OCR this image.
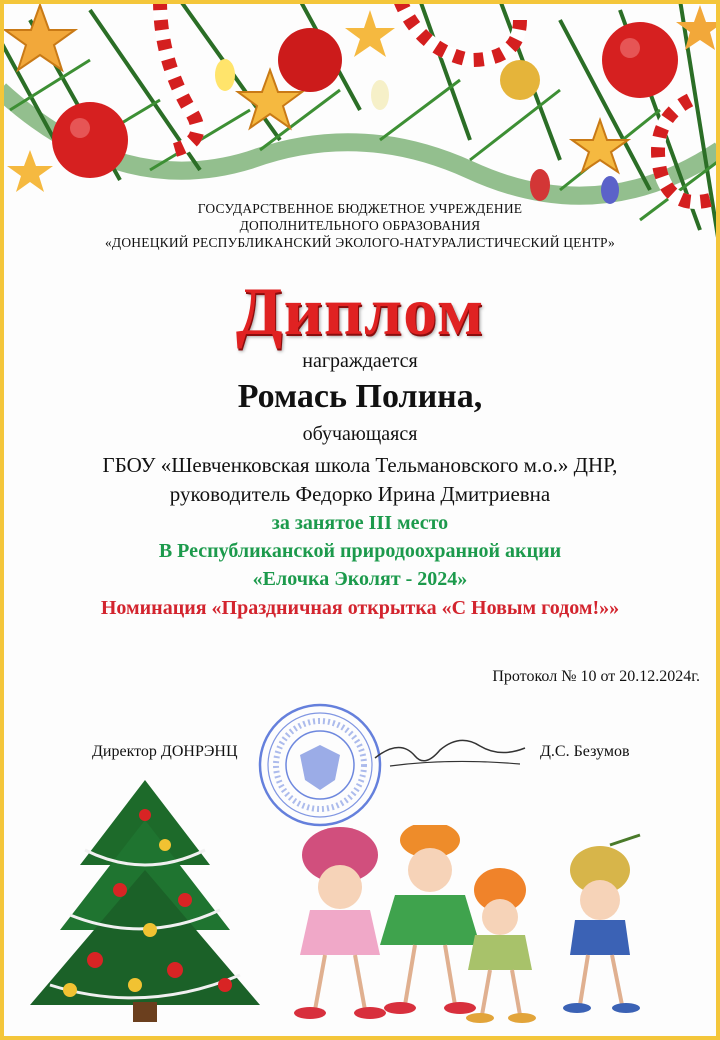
ГОСУДАРСТВЕННОЕ БЮДЖЕТНОЕ УЧРЕЖДЕНИЕ
ДОПОЛНИТЕЛЬНОГО ОБРАЗОВАНИЯ
«ДОНЕЦКИЙ РЕСПУБЛИКАНСКИЙ ЭКОЛОГО-НАТУРАЛИСТИЧЕСКИЙ ЦЕНТР»
Диплом
награждается
Ромась Полина,
обучающаяся
ГБОУ «Шевченковская школа Тельмановского м.о.» ДНР,
руководитель Федорко Ирина Дмитриевна
за занятое III место
В Республиканской природоохранной акции
«Елочка Эколят - 2024»
Номинация «Праздничная открытка «С Новым годом!»»
Протокол № 10 от 20.12.2024г.
Директор ДОНРЭНЦ	Д.С. Безумов
